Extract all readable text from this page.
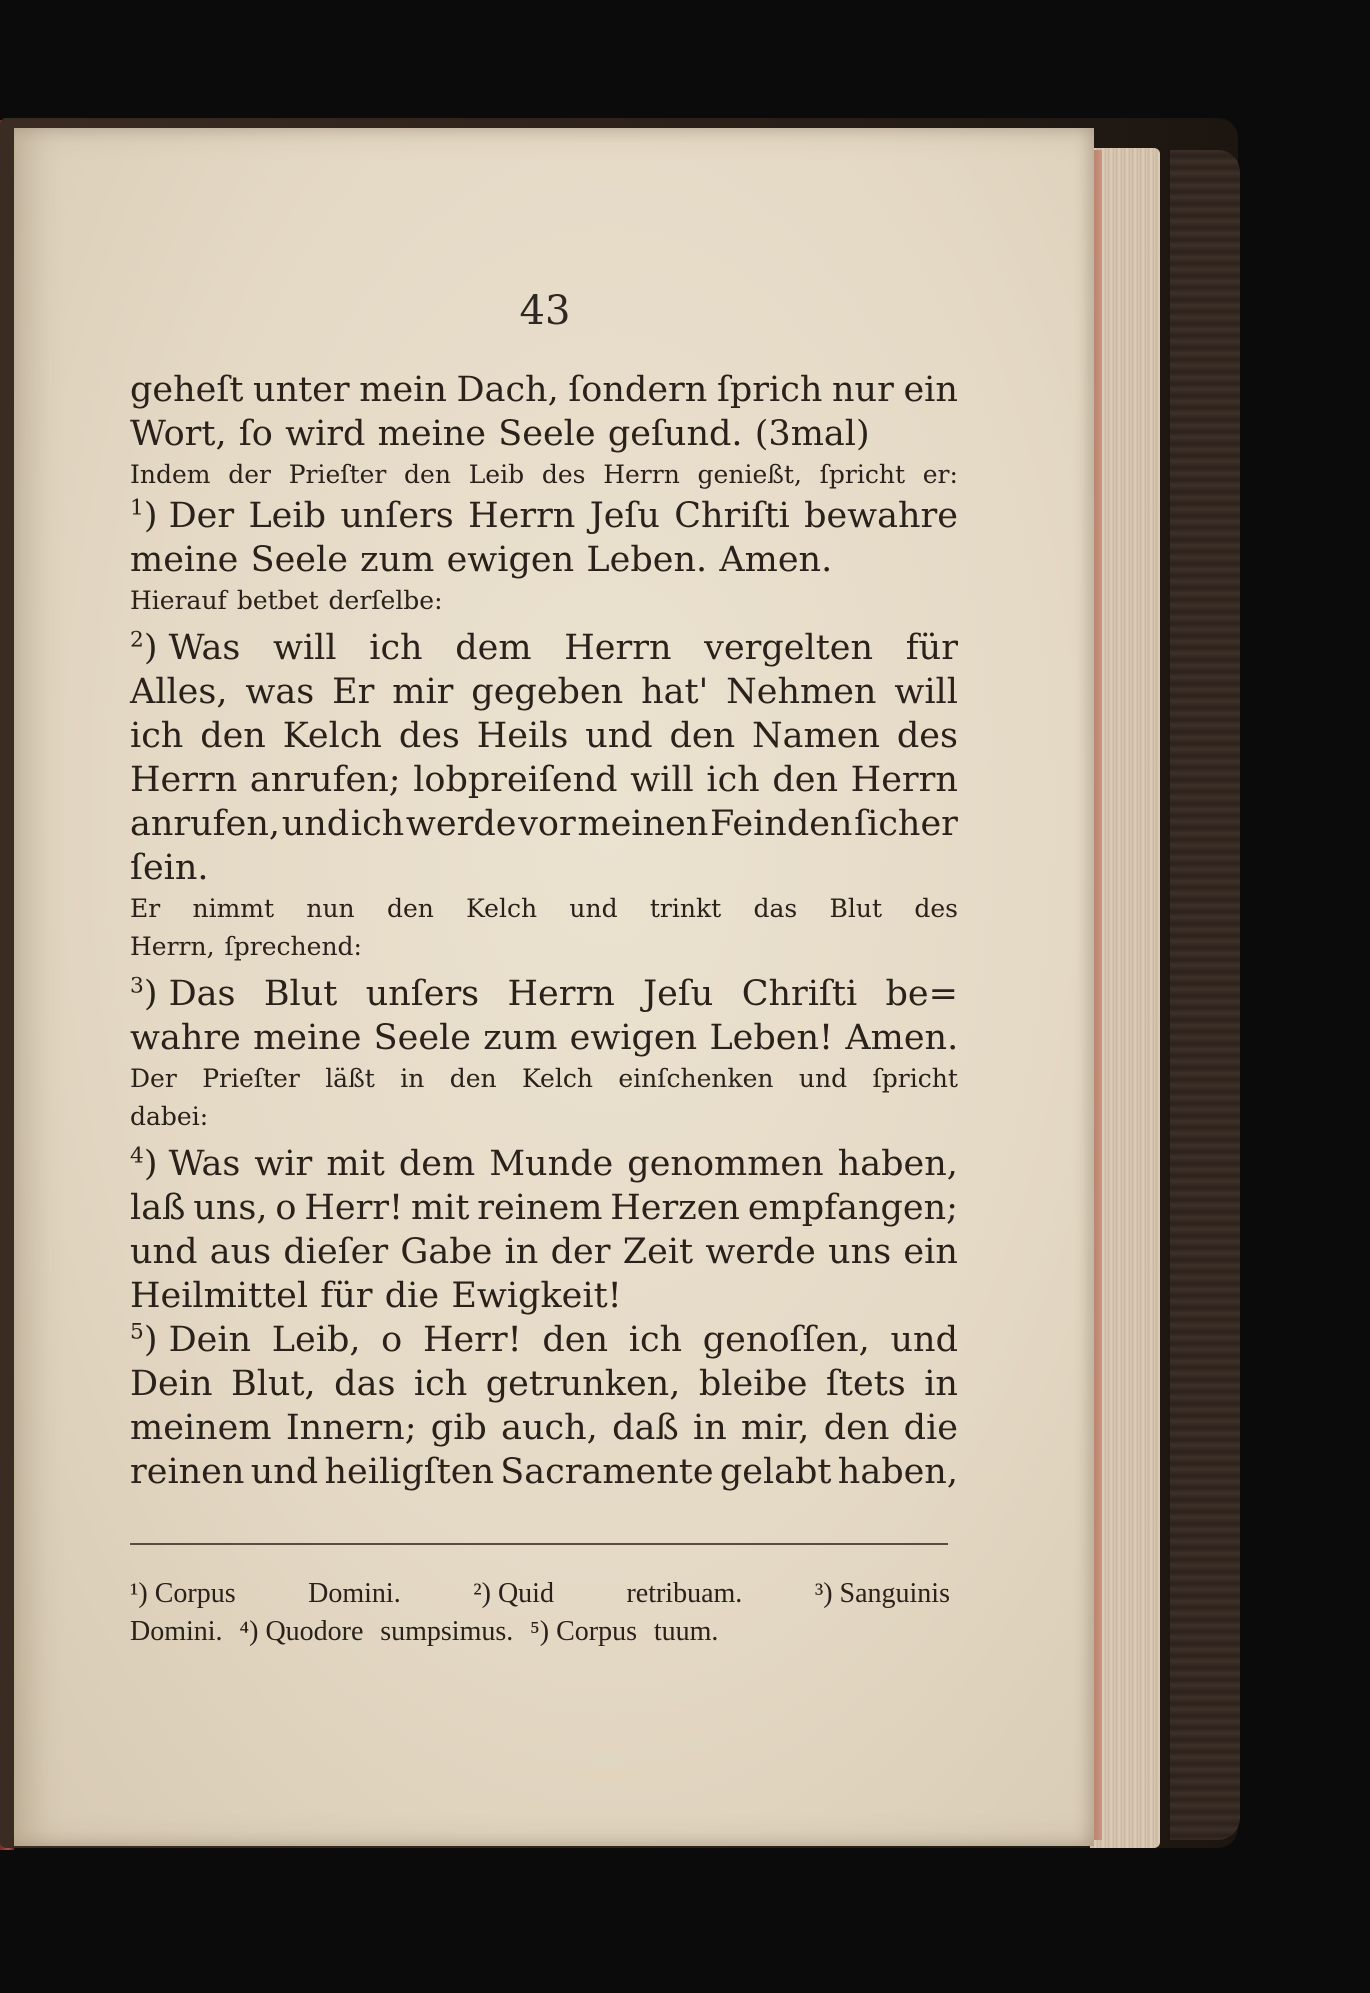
43
geheſt unter mein Dach, ſondern ſprich nur ein
Wort, ſo wird meine Seele geſund. (3mal)
Indem der Prieſter den Leib des Herrn genießt, ſpricht er:
$^1$) Der Leib unſers Herrn Jeſu Chriſti bewahre
meine Seele zum ewigen Leben. Amen.
Hierauf betbet derſelbe:
$^2$) Was will ich dem Herrn vergelten für
Alles, was Er mir gegeben hat' Nehmen will
ich den Kelch des Heils und den Namen des
Herrn anrufen; lobpreiſend will ich den Herrn
anrufen, und ich werde vor meinen Feinden ſicher
ſein.
Er nimmt nun den Kelch und trinkt das Blut des
Herrn, ſprechend:
$^3$) Das Blut unſers Herrn Jeſu Chriſti be=
wahre meine Seele zum ewigen Leben! Amen.
Der Prieſter läßt in den Kelch einſchenken und ſpricht
dabei:
$^4$) Was wir mit dem Munde genommen haben,
laß uns, o Herr! mit reinem Herzen empfangen;
und aus dieſer Gabe in der Zeit werde uns ein
Heilmittel für die Ewigkeit!
$^5$) Dein Leib, o Herr! den ich genoſſen, und
Dein Blut, das ich getrunken, bleibe ſtets in
meinem Innern; gib auch, daß in mir, den die
reinen und heiligſten Sacramente gelabt haben,
¹) Corpus	Domini.	²) Quid	retribuam.	³) Sanguinis
Domini. ⁴) Quodore sumpsimus. ⁵) Corpus tuum.
